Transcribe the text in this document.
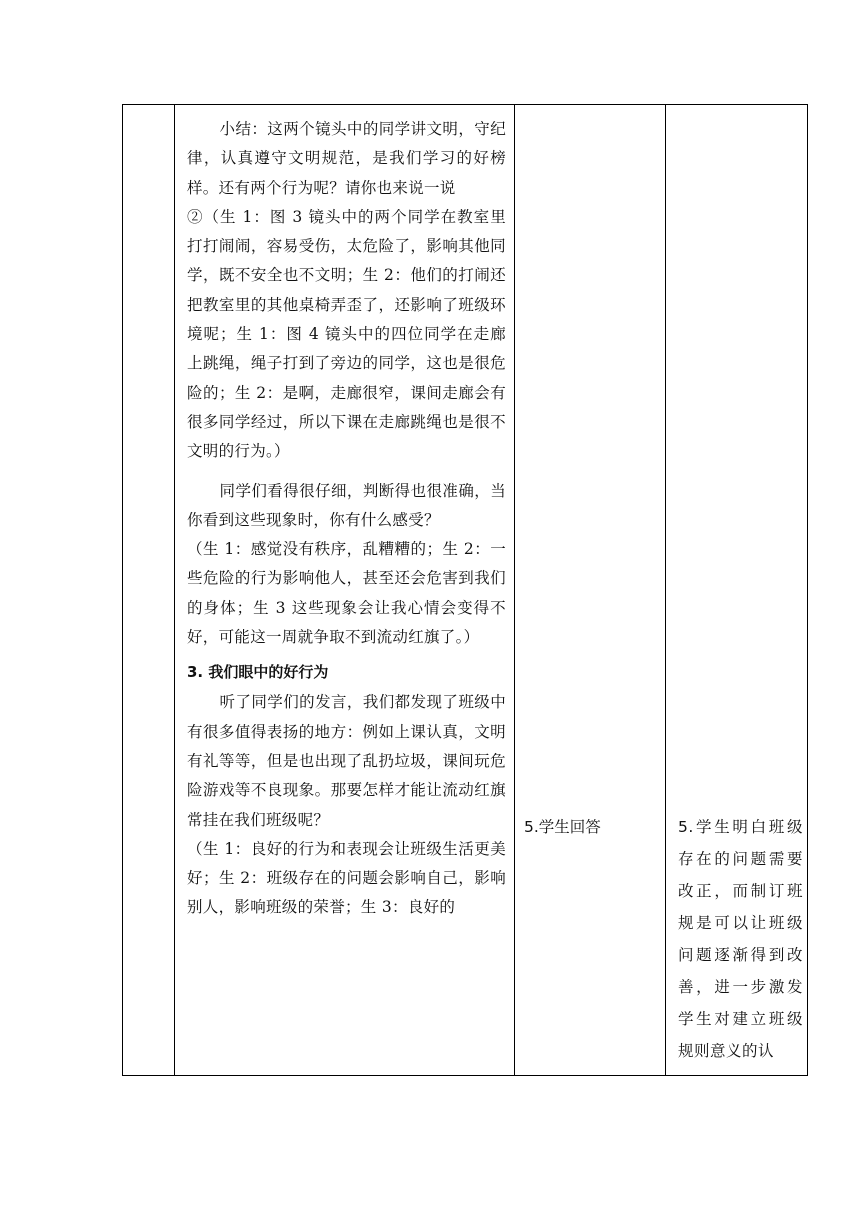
小结：这两个镜头中的同学讲文明，守纪律，认真遵守文明规范，是我们学习的好榜样。还有两个行为呢？请你也来说一说

②（生 1：图 3 镜头中的两个同学在教室里打打闹闹，容易受伤，太危险了，影响其他同学，既不安全也不文明；生 2：他们的打闹还把教室里的其他桌椅弄歪了，还影响了班级环境呢；生 1：图 4 镜头中的四位同学在走廊上跳绳，绳子打到了旁边的同学，这也是很危险的；生 2：是啊，走廊很窄，课间走廊会有很多同学经过，所以下课在走廊跳绳也是很不文明的行为。）

同学们看得很仔细，判断得也很准确，当你看到这些现象时，你有什么感受？

（生 1：感觉没有秩序，乱糟糟的；生 2：一些危险的行为影响他人，甚至还会危害到我们的身体；生 3 这些现象会让我心情会变得不好，可能这一周就争取不到流动红旗了。）

3. 我们眼中的好行为

听了同学们的发言，我们都发现了班级中有很多值得表扬的地方：例如上课认真，文明有礼等等，但是也出现了乱扔垃圾，课间玩危险游戏等不良现象。那要怎样才能让流动红旗常挂在我们班级呢？

（生 1：良好的行为和表现会让班级生活更美好；生 2：班级存在的问题会影响自己，影响别人，影响班级的荣誉；生 3：良好的

5.学生回答	5.学生明白班级存在的问题需要改正，而制订班规是可以让班级问题逐渐得到改善，进一步激发学生对建立班级规则意义的认
